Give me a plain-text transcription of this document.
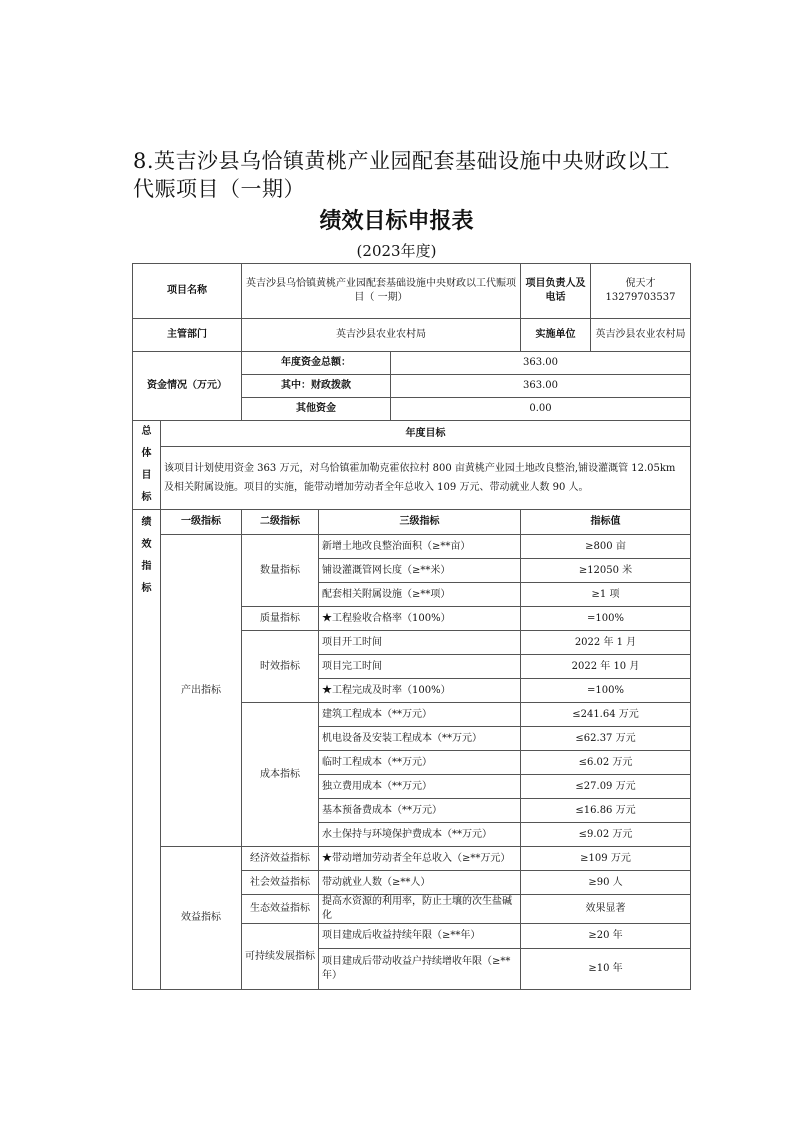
8.英吉沙县乌恰镇黄桃产业园配套基础设施中央财政以工代赈项目（一期）
绩效目标申报表
(2023年度)
项目名称		英吉沙县乌恰镇黄桃产业园配套基础设施中央财政以工代赈项目（ 一期）			项目负责人及电话	倪天才 13279703537
主管部门		英吉沙县农业农村局			实施单位	英吉沙县农业农村局
资金情况（万元）		年度资金总额：		363.00		
		其中：财政拨款		363.00		
		其他资金		0.00		

总体目标	年度目标					
	该项目计划使用资金 363 万元，对乌恰镇霍加勒克霍依拉村 800 亩黄桃产业园土地改良整治,铺设灌溉管 12.05km 及相关附属设施。项目的实施，能带动增加劳动者全年总收入 109 万元、带动就业人数 90 人。					

绩效指标	一级指标	二级指标	三级指标		指标值	
	产出指标	数量指标	新增土地改良整治面积（≥**亩）		≥800 亩	
			铺设灌溉管网长度（≥**米）		≥12050 米	
			配套相关附属设施（≥**项）		≥1 项	
		质量指标	★工程验收合格率（100%）		=100%	
		时效指标	项目开工时间		2022 年 1 月	
			项目完工时间		2022 年 10 月	
			★工程完成及时率（100%）		=100%	
		成本指标	建筑工程成本（**万元）		≤241.64 万元	
			机电设备及安装工程成本（**万元）		≤62.37 万元	
			临时工程成本（**万元）		≤6.02 万元	
			独立费用成本（**万元）		≤27.09 万元	
			基本预备费成本（**万元）		≤16.86 万元	
			水土保持与环境保护费成本（**万元）		≤9.02 万元	
	效益指标	经济效益指标	★带动增加劳动者全年总收入（≥**万元）		≥109 万元	
		社会效益指标	带动就业人数（≥**人）		≥90 人	
		生态效益指标	提高水资源的利用率，防止土壤的次生盐碱化		效果显著	
		可持续发展指标	项目建成后收益持续年限（≥**年）		≥20 年	
			项目建成后带动收益户持续增收年限（≥**年）		≥10 年	
